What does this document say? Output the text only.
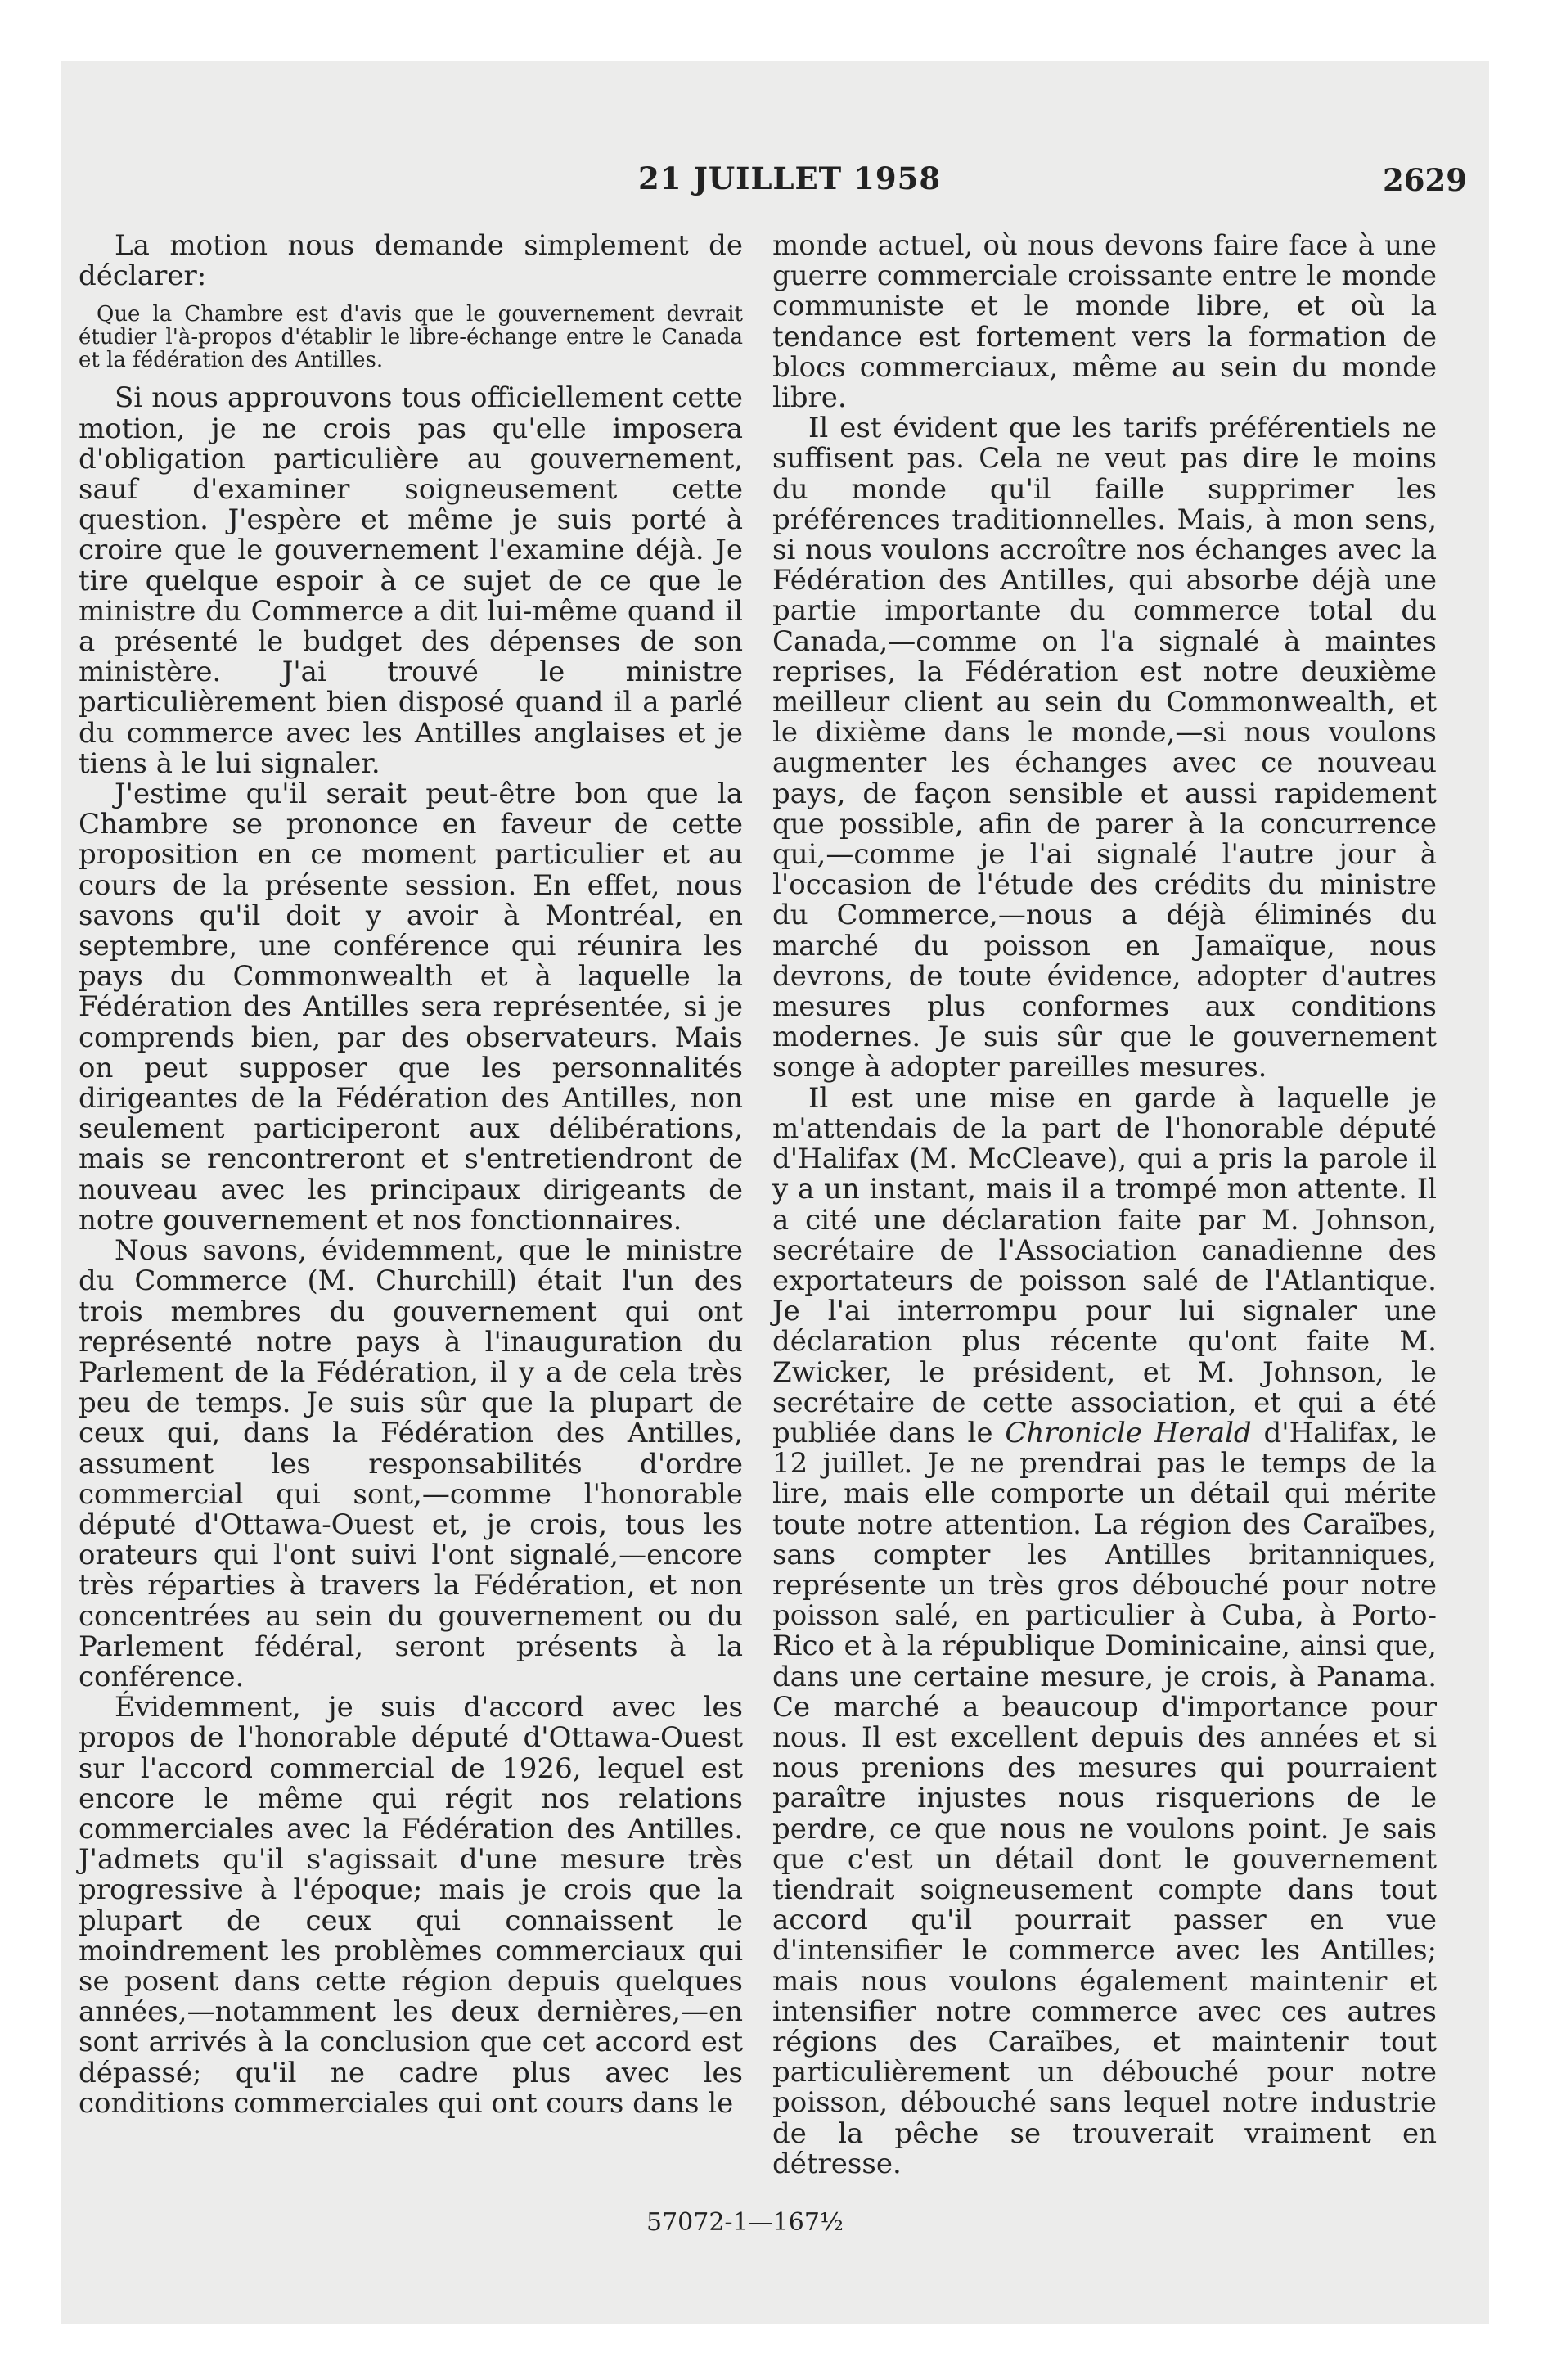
21 JUILLET 1958	2629

La motion nous demande simplement de déclarer:

Que la Chambre est d'avis que le gouvernement devrait étudier l'à-propos d'établir le libre-échange entre le Canada et la fédération des Antilles.

Si nous approuvons tous officiellement cette motion, je ne crois pas qu'elle imposera d'obligation particulière au gouvernement, sauf d'examiner soigneusement cette question. J'espère et même je suis porté à croire que le gouvernement l'examine déjà. Je tire quelque espoir à ce sujet de ce que le ministre du Commerce a dit lui-même quand il a présenté le budget des dépenses de son ministère. J'ai trouvé le ministre particulièrement bien disposé quand il a parlé du commerce avec les Antilles anglaises et je tiens à le lui signaler.

J'estime qu'il serait peut-être bon que la Chambre se prononce en faveur de cette proposition en ce moment particulier et au cours de la présente session. En effet, nous savons qu'il doit y avoir à Montréal, en septembre, une conférence qui réunira les pays du Commonwealth et à laquelle la Fédération des Antilles sera représentée, si je comprends bien, par des observateurs. Mais on peut supposer que les personnalités dirigeantes de la Fédération des Antilles, non seulement participeront aux délibérations, mais se rencontreront et s'entretiendront de nouveau avec les principaux dirigeants de notre gouvernement et nos fonctionnaires.

Nous savons, évidemment, que le ministre du Commerce (M. Churchill) était l'un des trois membres du gouvernement qui ont représenté notre pays à l'inauguration du Parlement de la Fédération, il y a de cela très peu de temps. Je suis sûr que la plupart de ceux qui, dans la Fédération des Antilles, assument les responsabilités d'ordre commercial qui sont,—comme l'honorable député d'Ottawa-Ouest et, je crois, tous les orateurs qui l'ont suivi l'ont signalé,—encore très réparties à travers la Fédération, et non concentrées au sein du gouvernement ou du Parlement fédéral, seront présents à la conférence.

Évidemment, je suis d'accord avec les propos de l'honorable député d'Ottawa-Ouest sur l'accord commercial de 1926, lequel est encore le même qui régit nos relations commerciales avec la Fédération des Antilles. J'admets qu'il s'agissait d'une mesure très progressive à l'époque; mais je crois que la plupart de ceux qui connaissent le moindrement les problèmes commerciaux qui se posent dans cette région depuis quelques années,—notamment les deux dernières,—en sont arrivés à la conclusion que cet accord est dépassé; qu'il ne cadre plus avec les conditions commerciales qui ont cours dans le

monde actuel, où nous devons faire face à une guerre commerciale croissante entre le monde communiste et le monde libre, et où la tendance est fortement vers la formation de blocs commerciaux, même au sein du monde libre.

Il est évident que les tarifs préférentiels ne suffisent pas. Cela ne veut pas dire le moins du monde qu'il faille supprimer les préférences traditionnelles. Mais, à mon sens, si nous voulons accroître nos échanges avec la Fédération des Antilles, qui absorbe déjà une partie importante du commerce total du Canada,—comme on l'a signalé à maintes reprises, la Fédération est notre deuxième meilleur client au sein du Commonwealth, et le dixième dans le monde,—si nous voulons augmenter les échanges avec ce nouveau pays, de façon sensible et aussi rapidement que possible, afin de parer à la concurrence qui,—comme je l'ai signalé l'autre jour à l'occasion de l'étude des crédits du ministre du Commerce,—nous a déjà éliminés du marché du poisson en Jamaïque, nous devrons, de toute évidence, adopter d'autres mesures plus conformes aux conditions modernes. Je suis sûr que le gouvernement songe à adopter pareilles mesures.

Il est une mise en garde à laquelle je m'attendais de la part de l'honorable député d'Halifax (M. McCleave), qui a pris la parole il y a un instant, mais il a trompé mon attente. Il a cité une déclaration faite par M. Johnson, secrétaire de l'Association canadienne des exportateurs de poisson salé de l'Atlantique. Je l'ai interrompu pour lui signaler une déclaration plus récente qu'ont faite M. Zwicker, le président, et M. Johnson, le secrétaire de cette association, et qui a été publiée dans le Chronicle Herald d'Halifax, le 12 juillet. Je ne prendrai pas le temps de la lire, mais elle comporte un détail qui mérite toute notre attention. La région des Caraïbes, sans compter les Antilles britanniques, représente un très gros débouché pour notre poisson salé, en particulier à Cuba, à Porto-Rico et à la république Dominicaine, ainsi que, dans une certaine mesure, je crois, à Panama. Ce marché a beaucoup d'importance pour nous. Il est excellent depuis des années et si nous prenions des mesures qui pourraient paraître injustes nous risquerions de le perdre, ce que nous ne voulons point. Je sais que c'est un détail dont le gouvernement tiendrait soigneusement compte dans tout accord qu'il pourrait passer en vue d'intensifier le commerce avec les Antilles; mais nous voulons également maintenir et intensifier notre commerce avec ces autres régions des Caraïbes, et maintenir tout particulièrement un débouché pour notre poisson, débouché sans lequel notre industrie de la pêche se trouverait vraiment en détresse.

57072-1—167½
